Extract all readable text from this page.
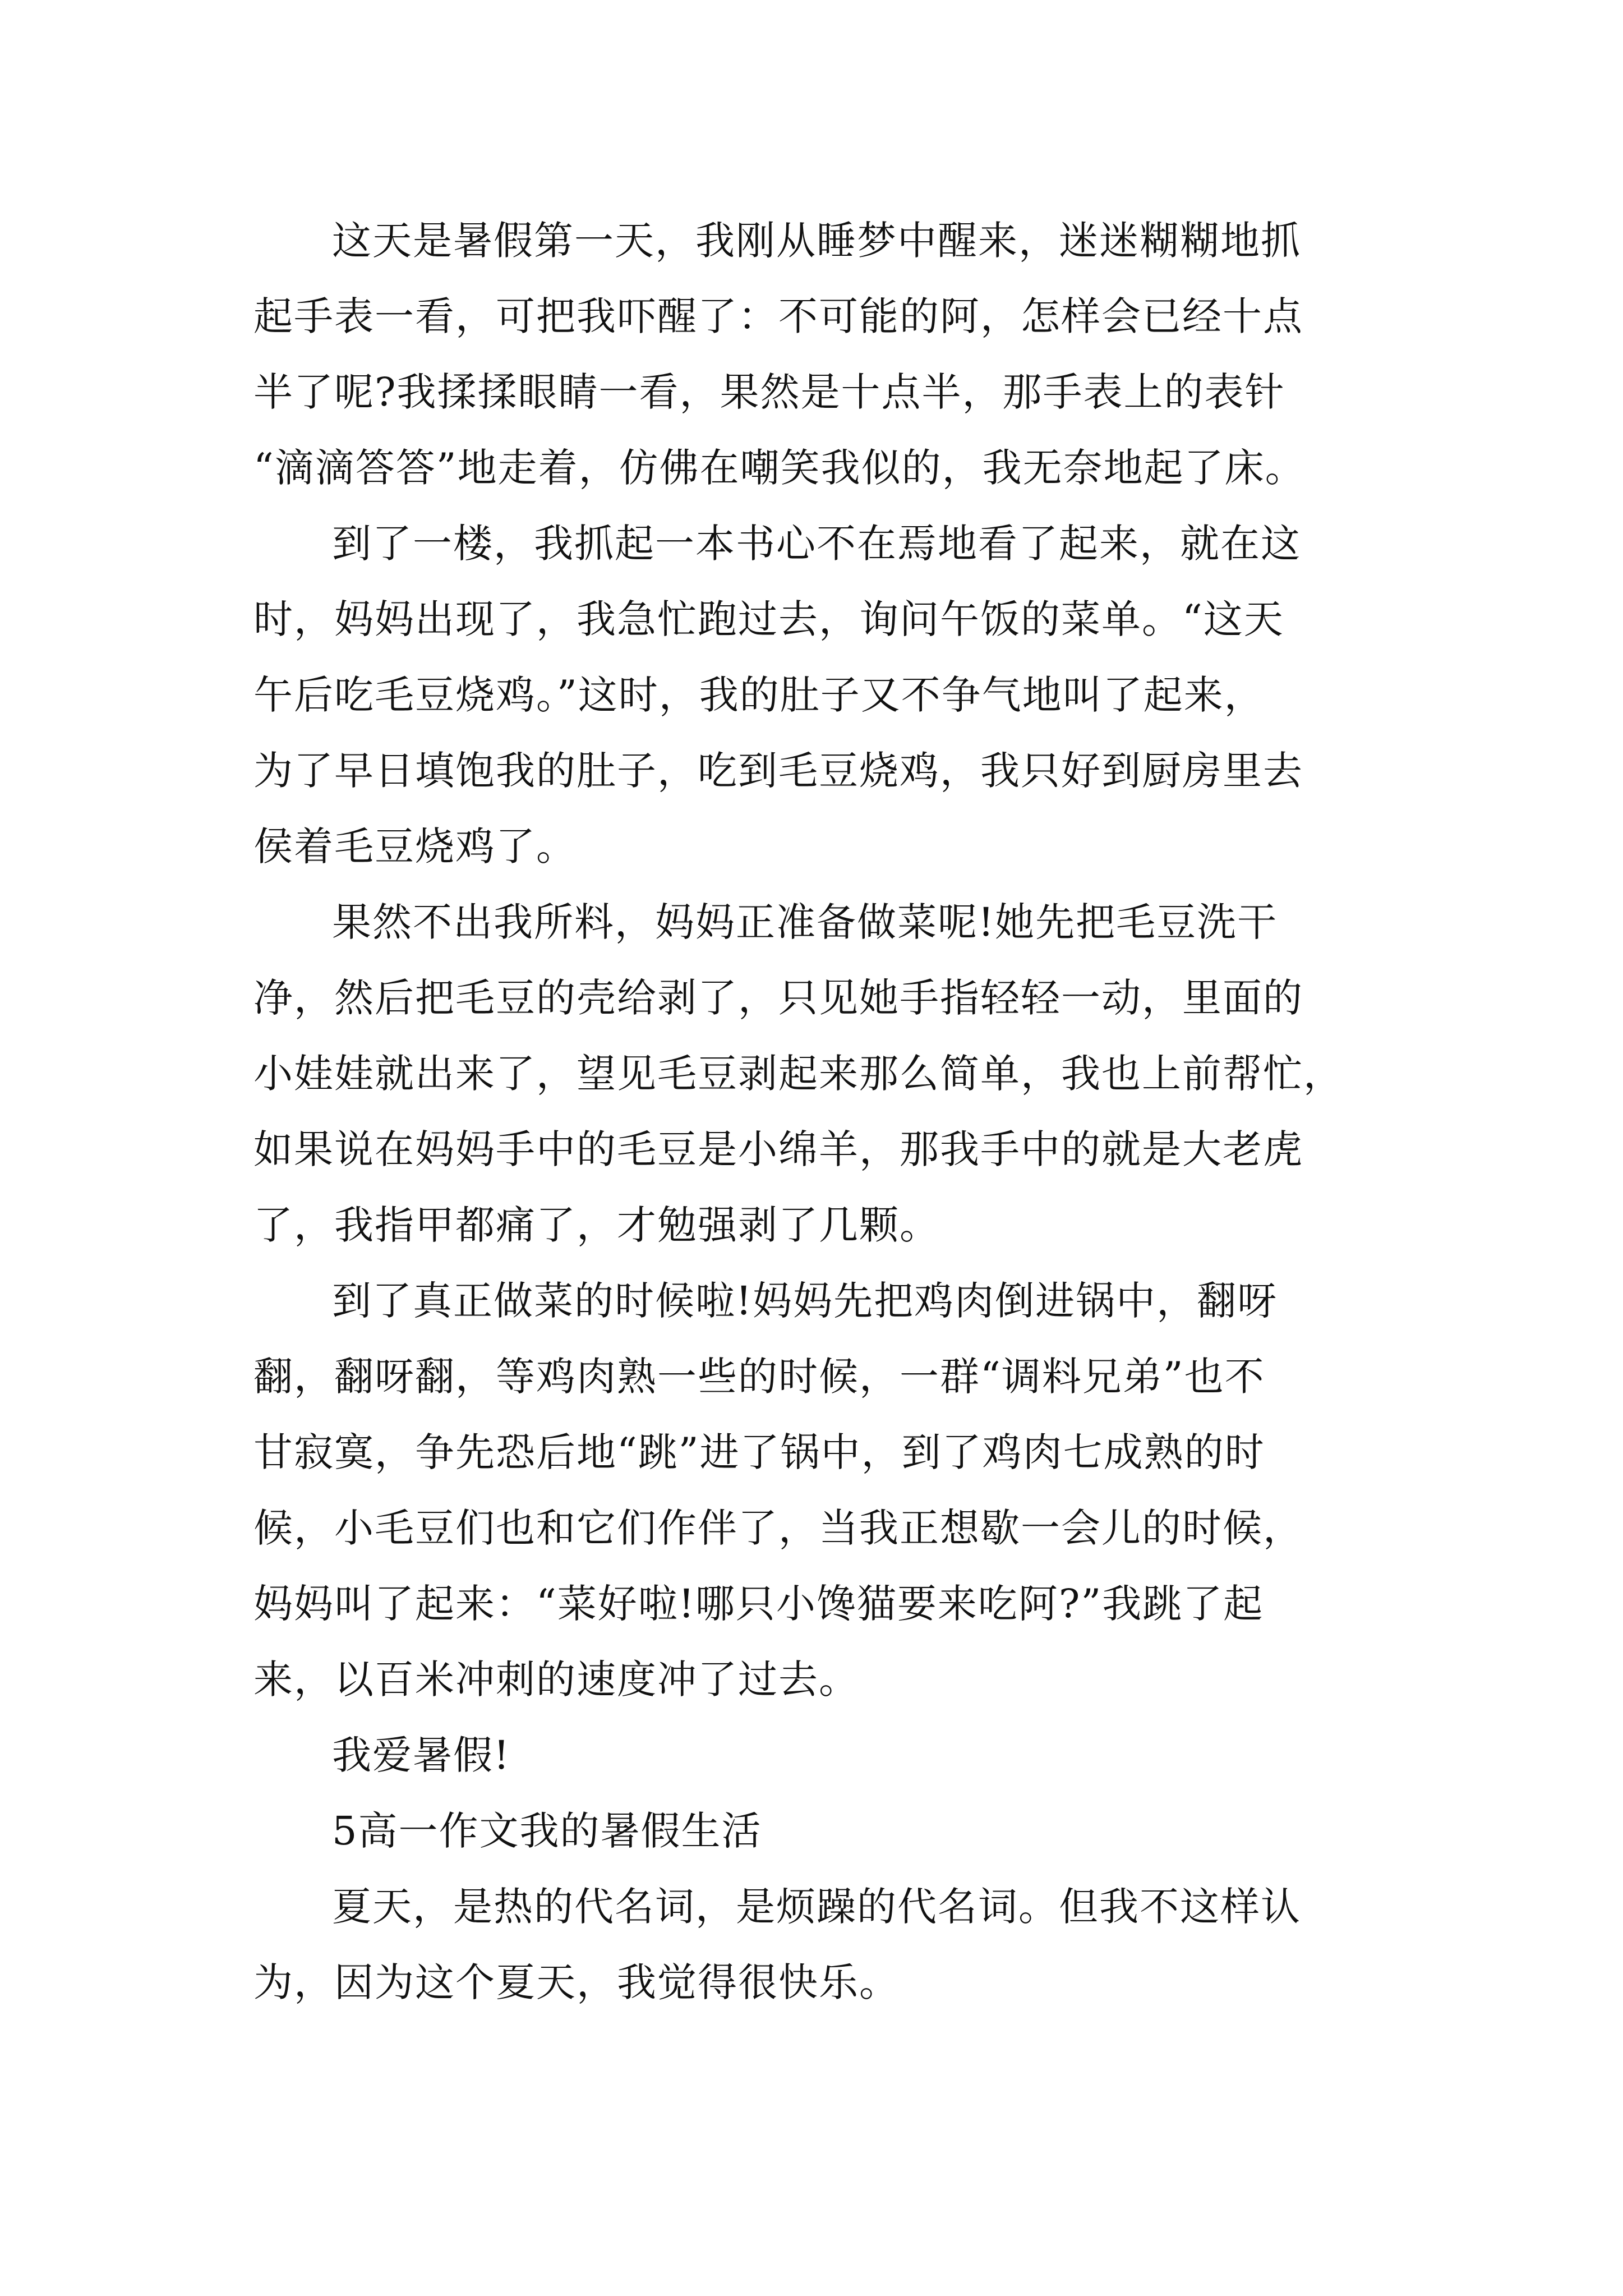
这天是暑假第一天，我刚从睡梦中醒来，迷迷糊糊地抓
起手表一看，可把我吓醒了：不可能的阿，怎样会已经十点
半了呢?我揉揉眼睛一看，果然是十点半，那手表上的表针
“滴滴答答”地走着，仿佛在嘲笑我似的，我无奈地起了床。
到了一楼，我抓起一本书心不在焉地看了起来，就在这
时，妈妈出现了，我急忙跑过去，询问午饭的菜单。“这天
午后吃毛豆烧鸡。”这时，我的肚子又不争气地叫了起来，
为了早日填饱我的肚子，吃到毛豆烧鸡，我只好到厨房里去
侯着毛豆烧鸡了。
果然不出我所料，妈妈正准备做菜呢!她先把毛豆洗干
净，然后把毛豆的壳给剥了，只见她手指轻轻一动，里面的
小娃娃就出来了，望见毛豆剥起来那么简单，我也上前帮忙，
如果说在妈妈手中的毛豆是小绵羊，那我手中的就是大老虎
了，我指甲都痛了，才勉强剥了几颗。
到了真正做菜的时候啦!妈妈先把鸡肉倒进锅中，翻呀
翻，翻呀翻，等鸡肉熟一些的时候，一群“调料兄弟”也不
甘寂寞，争先恐后地“跳”进了锅中，到了鸡肉七成熟的时
候，小毛豆们也和它们作伴了，当我正想歇一会儿的时候，
妈妈叫了起来：“菜好啦!哪只小馋猫要来吃阿?”我跳了起
来，以百米冲刺的速度冲了过去。
我爱暑假!
5高一作文我的暑假生活
夏天，是热的代名词，是烦躁的代名词。但我不这样认
为，因为这个夏天，我觉得很快乐。
